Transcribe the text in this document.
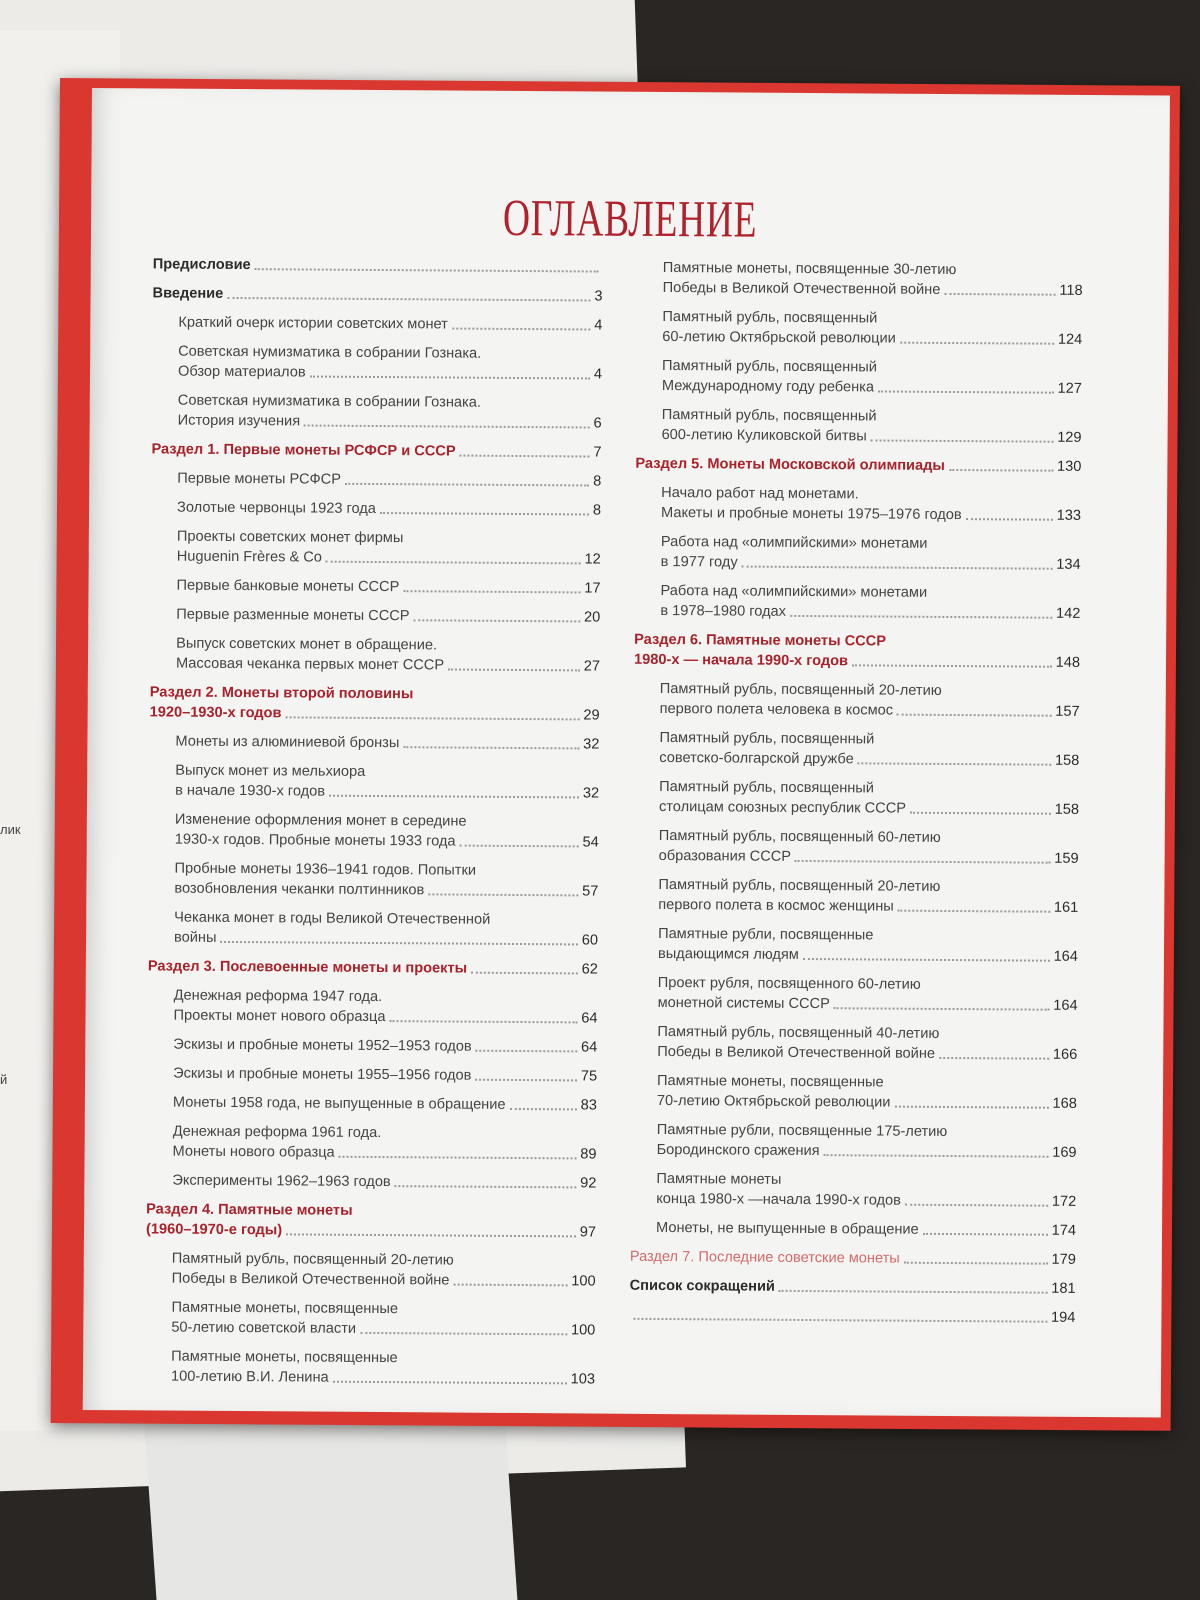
лик
й
ОГЛАВЛЕНИЕ
Предисловие
Введение	3
Краткий очерк истории советских монет	4
Советская нумизматика в собрании Гознака.
Обзор материалов	4
Советская нумизматика в собрании Гознака.
История изучения	6
Раздел 1. Первые монеты РСФСР и СССР	7
Первые монеты РСФСР	8
Золотые червонцы 1923 года	8
Проекты советских монет фирмы
Huguenin Frères & Co	12
Первые банковые монеты СССР	17
Первые разменные монеты СССР	20
Выпуск советских монет в обращение.
Массовая чеканка первых монет СССР	27
Раздел 2. Монеты второй половины
1920–1930-х годов	29
Монеты из алюминиевой бронзы	32
Выпуск монет из мельхиора
в начале 1930-х годов	32
Изменение оформления монет в середине
1930-х годов. Пробные монеты 1933 года	54
Пробные монеты 1936–1941 годов. Попытки
возобновления чеканки полтинников	57
Чеканка монет в годы Великой Отечественной
войны	60
Раздел 3. Послевоенные монеты и проекты	62
Денежная реформа 1947 года.
Проекты монет нового образца	64
Эскизы и пробные монеты 1952–1953 годов	64
Эскизы и пробные монеты 1955–1956 годов	75
Монеты 1958 года, не выпущенные в обращение	83
Денежная реформа 1961 года.
Монеты нового образца	89
Эксперименты 1962–1963 годов	92
Раздел 4. Памятные монеты
(1960–1970-е годы)	97
Памятный рубль, посвященный 20-летию
Победы в Великой Отечественной войне	100
Памятные монеты, посвященные
50-летию советской власти	100
Памятные монеты, посвященные
100-летию В.И. Ленина	103
Памятные монеты, посвященные 30-летию
Победы в Великой Отечественной войне	118
Памятный рубль, посвященный
60-летию Октябрьской революции	124
Памятный рубль, посвященный
Международному году ребенка	127
Памятный рубль, посвященный
600-летию Куликовской битвы	129
Раздел 5. Монеты Московской олимпиады	130
Начало работ над монетами.
Макеты и пробные монеты 1975–1976 годов	133
Работа над «олимпийскими» монетами
в 1977 году	134
Работа над «олимпийскими» монетами
в 1978–1980 годах	142
Раздел 6. Памятные монеты СССР
1980-х — начала 1990-х годов	148
Памятный рубль, посвященный 20-летию
первого полета человека в космос	157
Памятный рубль, посвященный
советско-болгарской дружбе	158
Памятный рубль, посвященный
столицам союзных республик СССР	158
Памятный рубль, посвященный 60-летию
образования СССР	159
Памятный рубль, посвященный 20-летию
первого полета в космос женщины	161
Памятные рубли, посвященные
выдающимся людям	164
Проект рубля, посвященного 60-летию
монетной системы СССР	164
Памятный рубль, посвященный 40-летию
Победы в Великой Отечественной войне	166
Памятные монеты, посвященные
70-летию Октябрьской революции	168
Памятные рубли, посвященные 175-летию
Бородинского сражения	169
Памятные монеты
конца 1980-х —начала 1990-х годов	172
Монеты, не выпущенные в обращение	174
Раздел 7. Последние советские монеты	179
Список сокращений	181
194
